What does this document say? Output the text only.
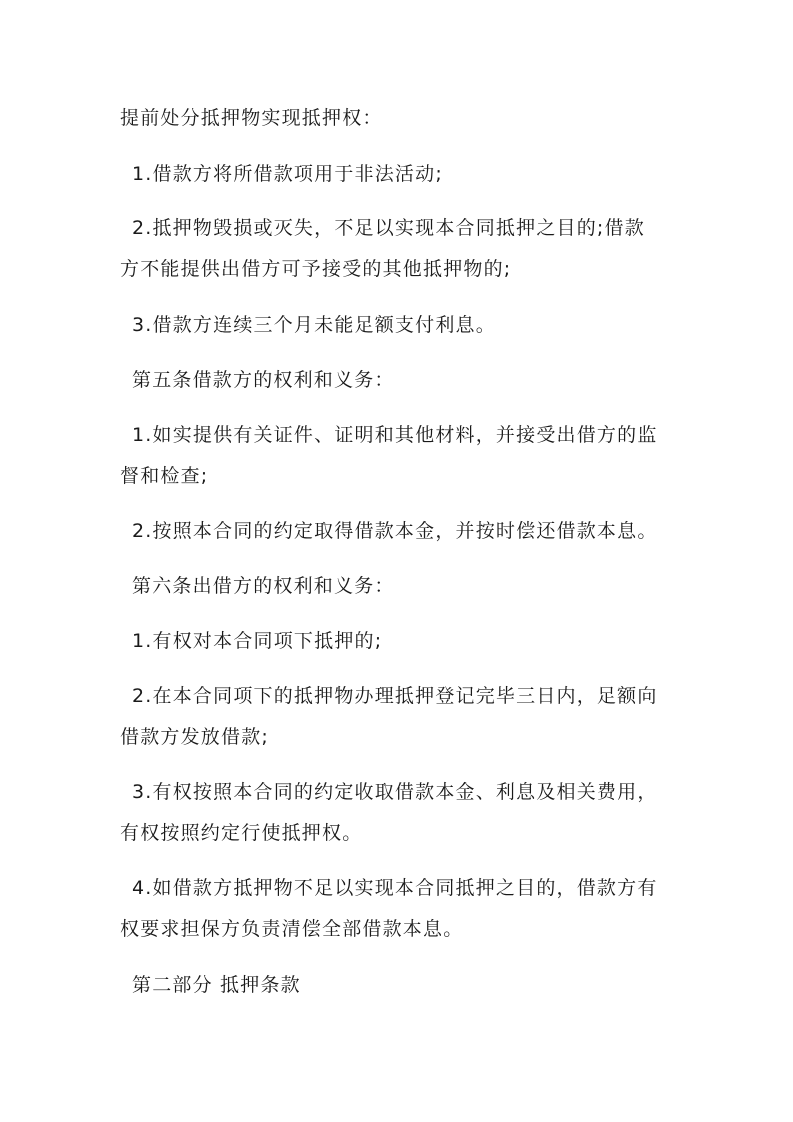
提前处分抵押物实现抵押权：
1.借款方将所借款项用于非法活动;
2.抵押物毁损或灭失，不足以实现本合同抵押之目的;借款
方不能提供出借方可予接受的其他抵押物的;
3.借款方连续三个月未能足额支付利息。
第五条借款方的权利和义务：
1.如实提供有关证件、证明和其他材料，并接受出借方的监
督和检查;
2.按照本合同的约定取得借款本金，并按时偿还借款本息。
第六条出借方的权利和义务：
1.有权对本合同项下抵押的;
2.在本合同项下的抵押物办理抵押登记完毕三日内，足额向
借款方发放借款;
3.有权按照本合同的约定收取借款本金、利息及相关费用，
有权按照约定行使抵押权。
4.如借款方抵押物不足以实现本合同抵押之目的，借款方有
权要求担保方负责清偿全部借款本息。
第二部分 抵押条款
